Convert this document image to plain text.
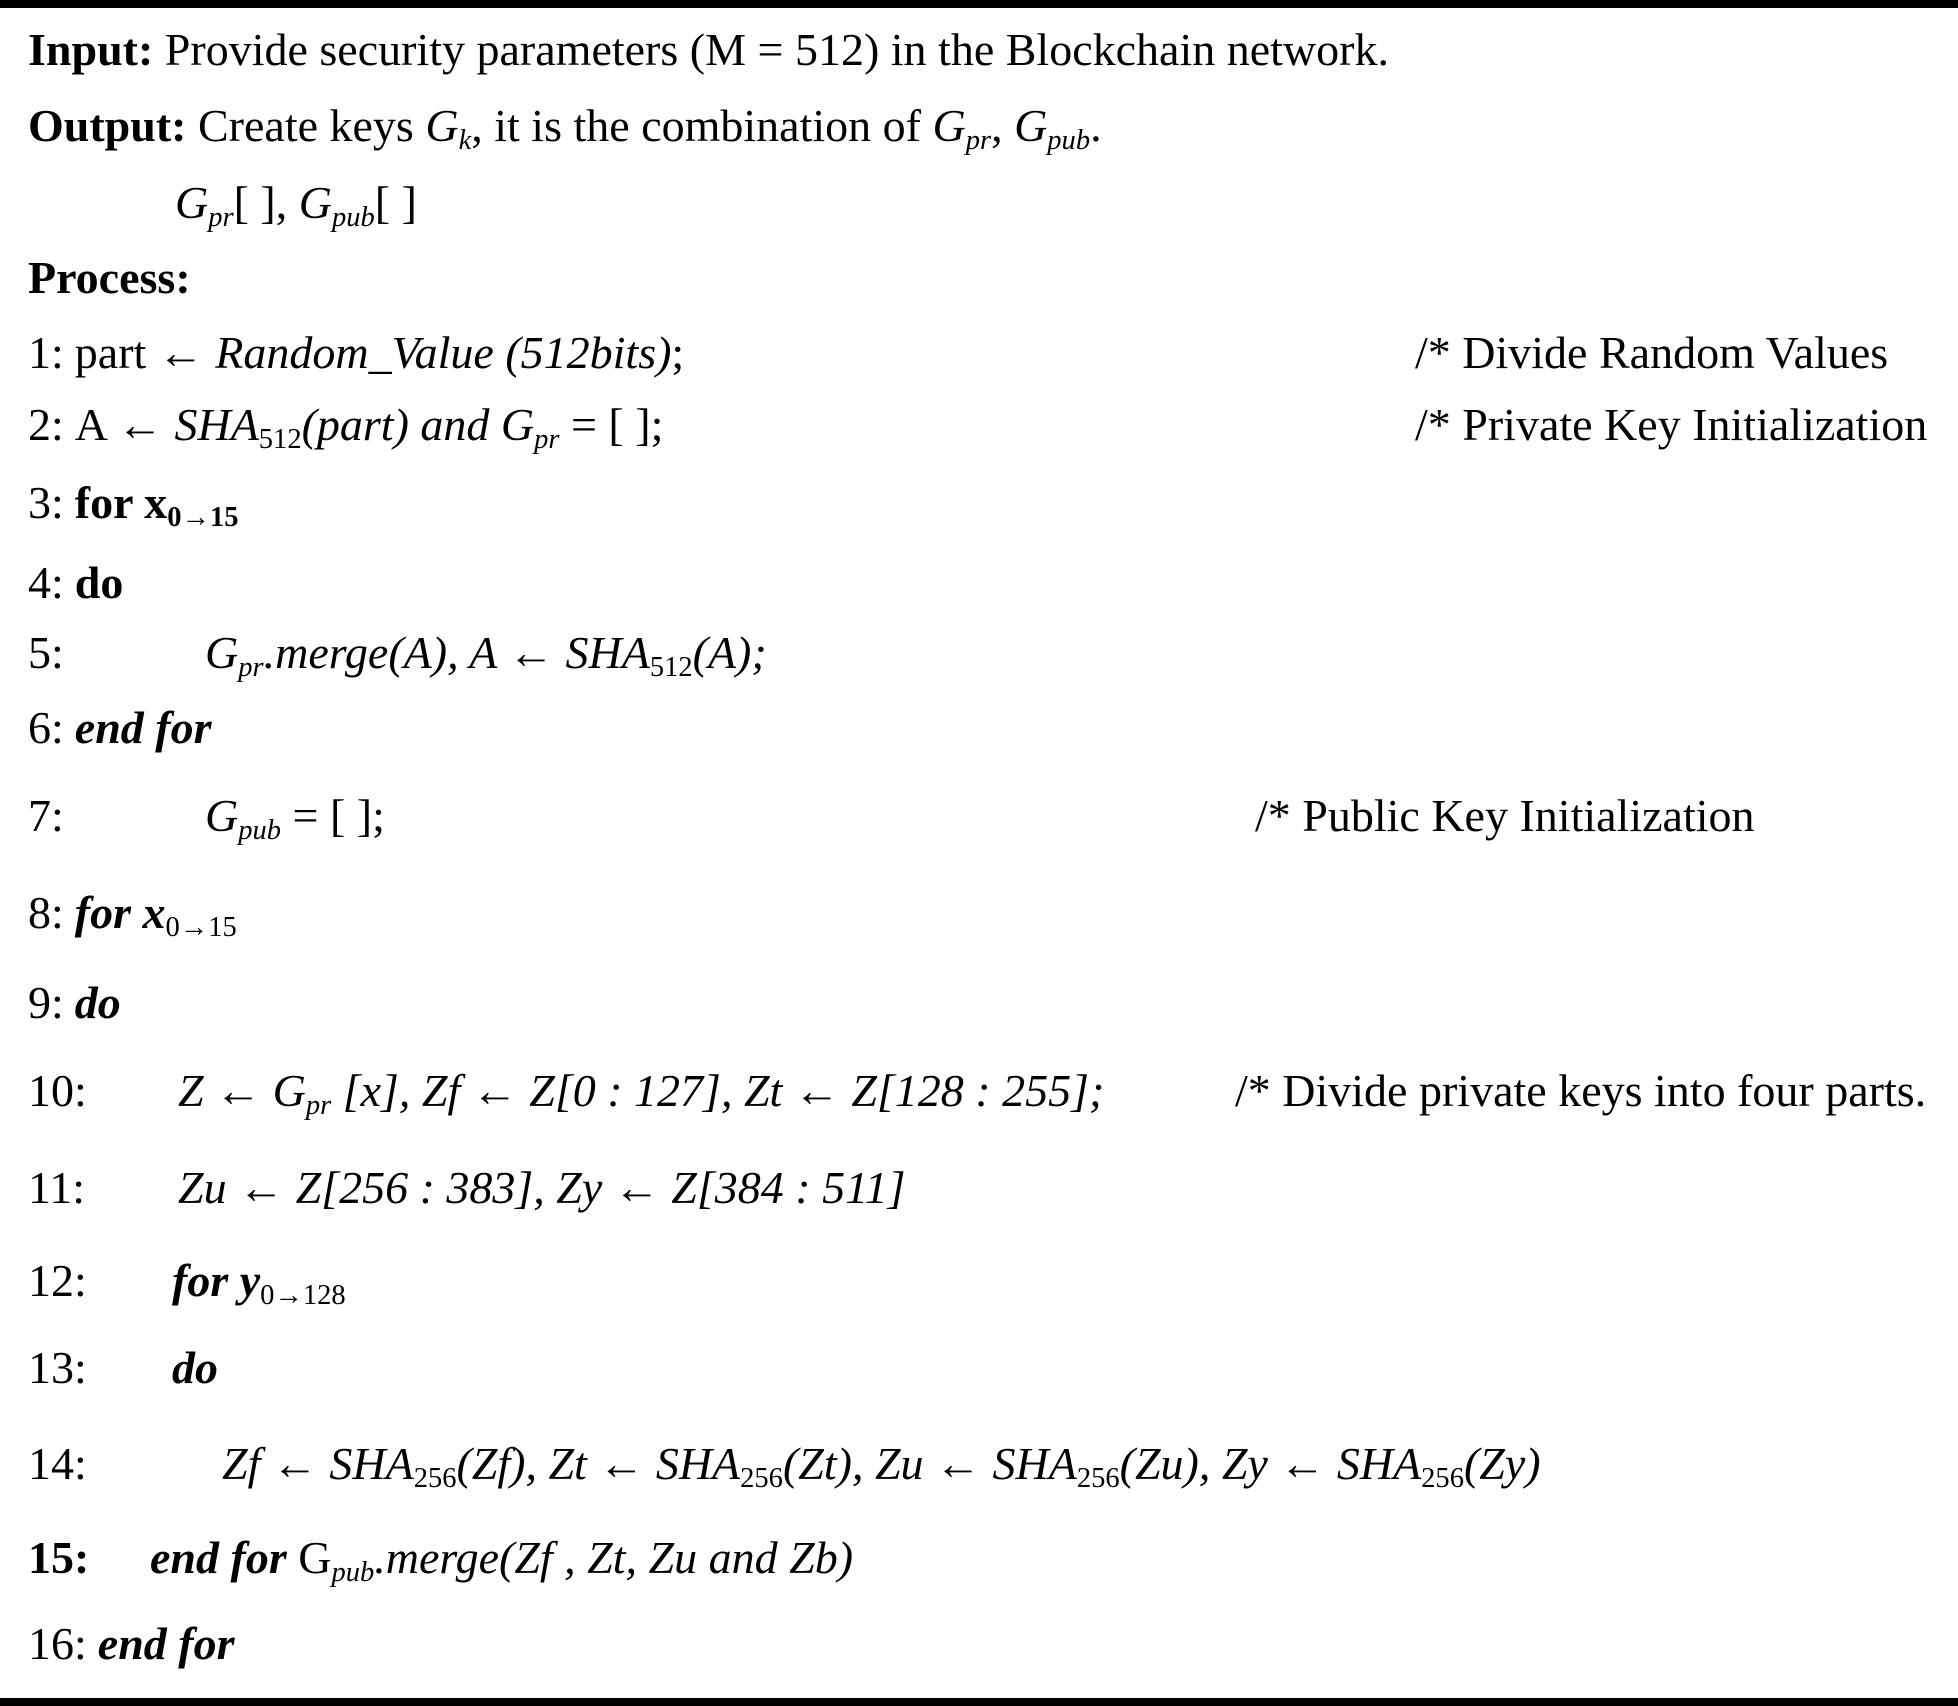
Input: Provide security parameters (M = 512) in the Blockchain network.
Output: Create keys $G_k$, it is the combination of $G_{pr}$, $G_{pub}$.
$G_{pr}$[ ], $G_{pub}$[ ]
Process:
1: part ← Random_Value (512bits);	/* Divide Random Values
2: A ← $SHA_{512}(part)$ and $G_{pr}$ = [ ];	/* Private Key Initialization
3: for $x_{0\to 15}$
4: do
5:	$G_{pr}.merge(A)$, A ← $SHA_{512}(A)$;
6: end for
7:	$G_{pub}$ = [ ];	/* Public Key Initialization
8: for $x_{0\to 15}$
9: do
10: Z ← $G_{pr}$ [x], Zf ← Z[0 : 127], Zt ← Z[128 : 255];	/* Divide private keys into four parts.
11: Zu ← Z[256 : 383], Zy ← Z[384 : 511]
12: for $y_{0\to 128}$
13: do
14:	Zf ← $SHA_{256}(Zf)$, Zt ← $SHA_{256}(Zt)$, Zu ← $SHA_{256}(Zu)$, Zy ← $SHA_{256}(Zy)$
15: end for $G_{pub}.merge(Zf$ , Zt, Zu and Zb)
16: end for
